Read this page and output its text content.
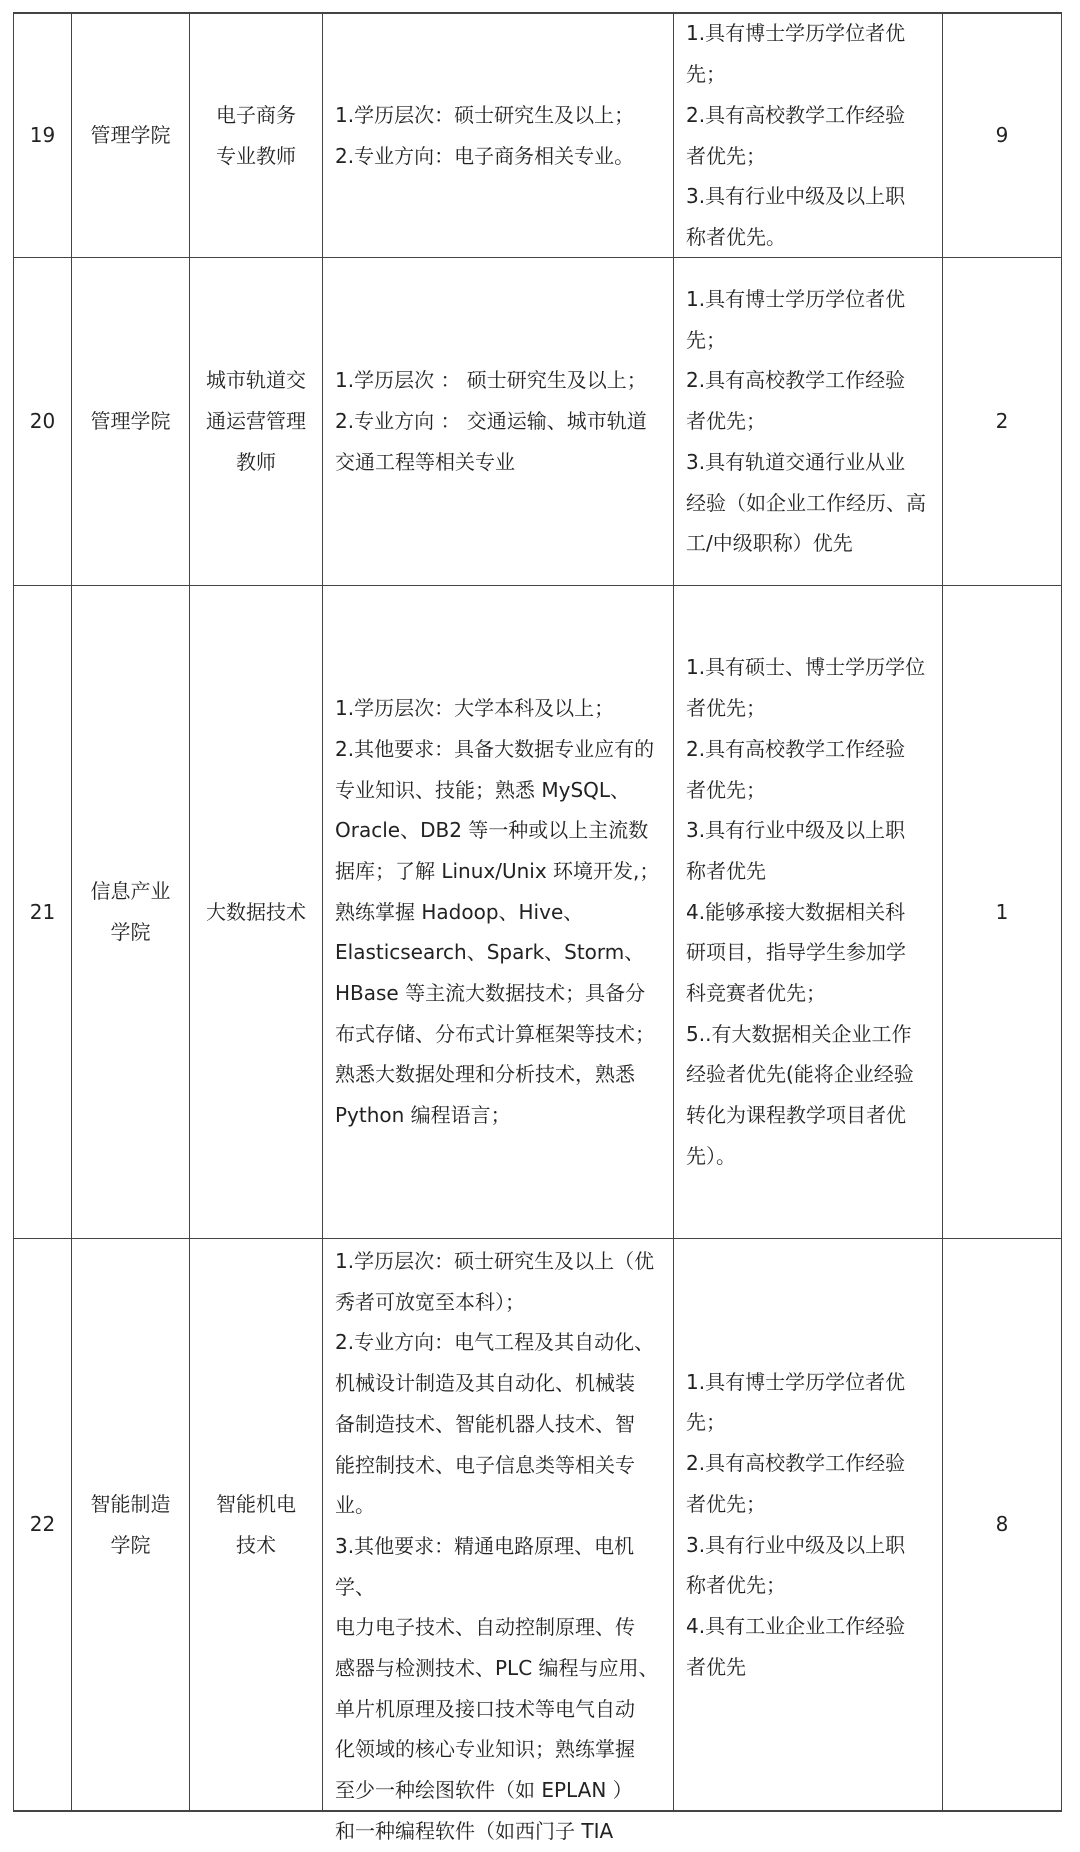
19 管理学院
电子商务
专业教师
1.学历层次：硕士研究生及以上；
2.专业方向：电子商务相关专业。
1.具有博士学历学位者优
先；
2.具有高校教学工作经验
者优先；
3.具有行业中级及以上职
称者优先。
9
20 管理学院
城市轨道交
通运营管理
教师
1.学历层次 ： 硕士研究生及以上；
2.专业方向 ： 交通运输、城市轨道
交通工程等相关专业
1.具有博士学历学位者优
先；
2.具有高校教学工作经验
者优先；
3.具有轨道交通行业从业
经验（如企业工作经历、高
工/中级职称）优先
2
21
信息产业
学院
大数据技术
1.学历层次：大学本科及以上；
2.其他要求：具备大数据专业应有的
专业知识、技能；熟悉 MySQL、
Oracle、DB2 等一种或以上主流数
据库；了解 Linux/Unix 环境开发,；
熟练掌握 Hadoop、Hive、
Elasticsearch、Spark、Storm、
HBase 等主流大数据技术；具备分
布式存储、分布式计算框架等技术；
熟悉大数据处理和分析技术，熟悉
Python 编程语言；
1.具有硕士、博士学历学位
者优先；
2.具有高校教学工作经验
者优先；
3.具有行业中级及以上职
称者优先
4.能够承接大数据相关科
研项目，指导学生参加学
科竞赛者优先；
5..有大数据相关企业工作
经验者优先(能将企业经验
转化为课程教学项目者优
先）。
1
22
智能制造
学院
智能机电
技术
1.学历层次：硕士研究生及以上（优
秀者可放宽至本科）；
2.专业方向：电气工程及其自动化、
机械设计制造及其自动化、机械装
备制造技术、智能机器人技术、智
能控制技术、电子信息类等相关专
业。
3.其他要求：精通电路原理、电机学、
电力电子技术、自动控制原理、传
感器与检测技术、PLC 编程与应用、
单片机原理及接口技术等电气自动
化领域的核心专业知识；熟练掌握
至少一种绘图软件（如 EPLAN ）
和一种编程软件（如西门子 TIA
1.具有博士学历学位者优
先；
2.具有高校教学工作经验
者优先；
3.具有行业中级及以上职
称者优先；
4.具有工业企业工作经验
者优先
8
